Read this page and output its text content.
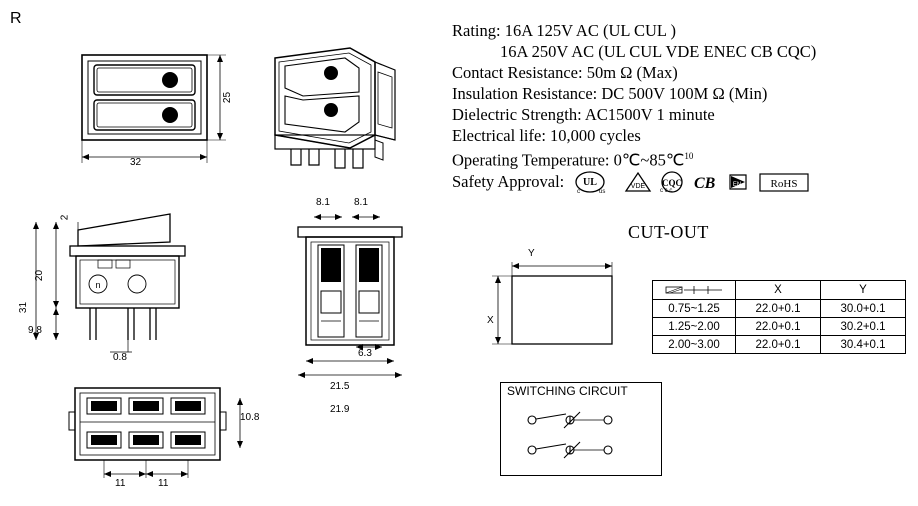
R
25
32
n
31
20
9.8
2
0.8
10.8
11	11
8.1 8.1
6.3
21.5
21.9
Rating: 16A 125V AC (UL CUL )
16A 250V AC (UL CUL VDE ENEC CB CQC)
Contact Resistance: 50m Ω (Max)
Insulation Resistance: DC 500V 100M Ω (Min)
Dielectric Strength: AC1500V 1 minute
Electrical life: 10,000 cycles
Operating Temperature: 0℃~85℃$^{10}$
Safety Approval: UL
c	us
VDE CQC
c c c CB	EN	RoHS
CUT-OUT
Y
X
	X	Y
0.75~1.25	22.0+0.1	30.0+0.1
1.25~2.00	22.0+0.1	30.2+0.1
2.00~3.00	22.0+0.1	30.4+0.1
SWITCHING CIRCUIT
